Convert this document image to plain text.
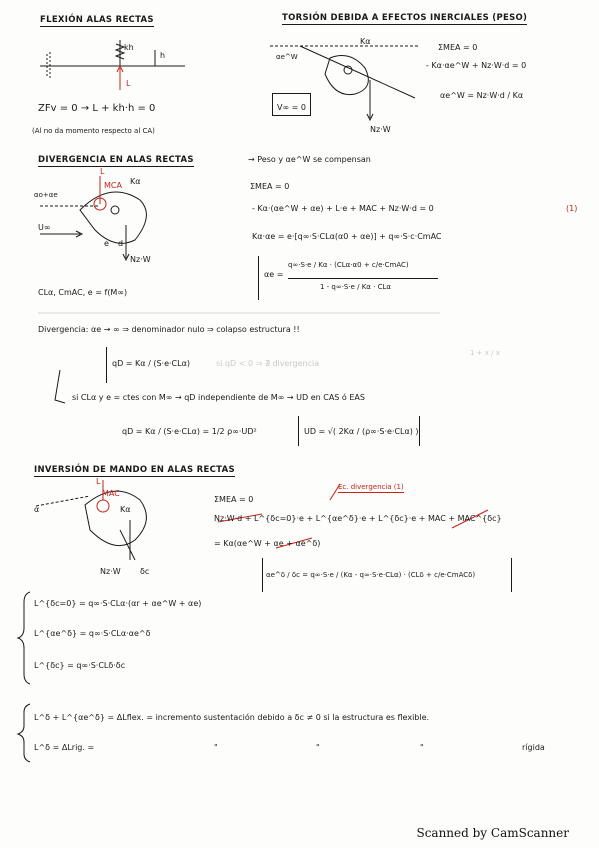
FLEXIÓN ALAS RECTAS
kh
h
L
ZFv = 0 → L + kh·h = 0
(Al no da momento respecto al CA)
TORSIÓN DEBIDA A EFECTOS INERCIALES (PESO)
Kα
αe^W
Nz·W
V∞ = 0
ΣMEA = 0
- Kα·αe^W + Nz·W·d = 0
αe^W = Nz·W·d / Kα
DIVERGENCIA EN ALAS RECTAS	→ Peso y αe^W se compensan
L
MCA Kα
αo+αe
U∞
e d
Nz·W
ΣMEA = 0
- Kα·(αe^W + αe) + L·e + MAC + Nz·W·d = 0	(1)
Kα·αe = e·[q∞·S·CLα(α0 + αe)] + q∞·S·c·CmAC
αe =
q∞·S·e / Kα · (CLα·α0 + c/e·CmAC)
1 - q∞·S·e / Kα · CLα
CLα, CmAC, e = f(M∞)
Divergencia: αe → ∞ ⇒ denominador nulo ⇒ colapso estructura !!
qD = Kα / (S·e·CLα)	si qD < 0 ⇒ ∄ divergencia
1 + x / x
si CLα y e = ctes con M∞ → qD independiente de M∞ → UD en CAS ó EAS
qD = Kα / (S·e·CLα) = 1/2 ρ∞·UD²	UD = √( 2Kα / (ρ∞·S·e·CLα) )
INVERSIÓN DE MANDO EN ALAS RECTAS
Ec. divergencia (1)
MAC
L
Kα
α
Nz·W δc
ΣMEA = 0
Nz·W·d + L^{δc=0}·e + L^{αe^δ}·e + L^{δc}·e + MAC + MAC^{δc}
= Kα(αe^W + αe + αe^δ)
αe^δ / δc = q∞·S·e / (Kα - q∞·S·e·CLα) · (CLδ + c/e·CmACδ)
L^{δc=0} = q∞·S·CLα·(αr + αe^W + αe)
L^{αe^δ} = q∞·S·CLα·αe^δ
L^{δc} = q∞·S·CLδ·δc
L^δ + L^{αe^δ} = ΔLflex. = incremento sustentación debido a δc ≠ 0 si la estructura es flexible.
L^δ = ΔLrig. =	"	"	"	rígida
Scanned by CamScanner
